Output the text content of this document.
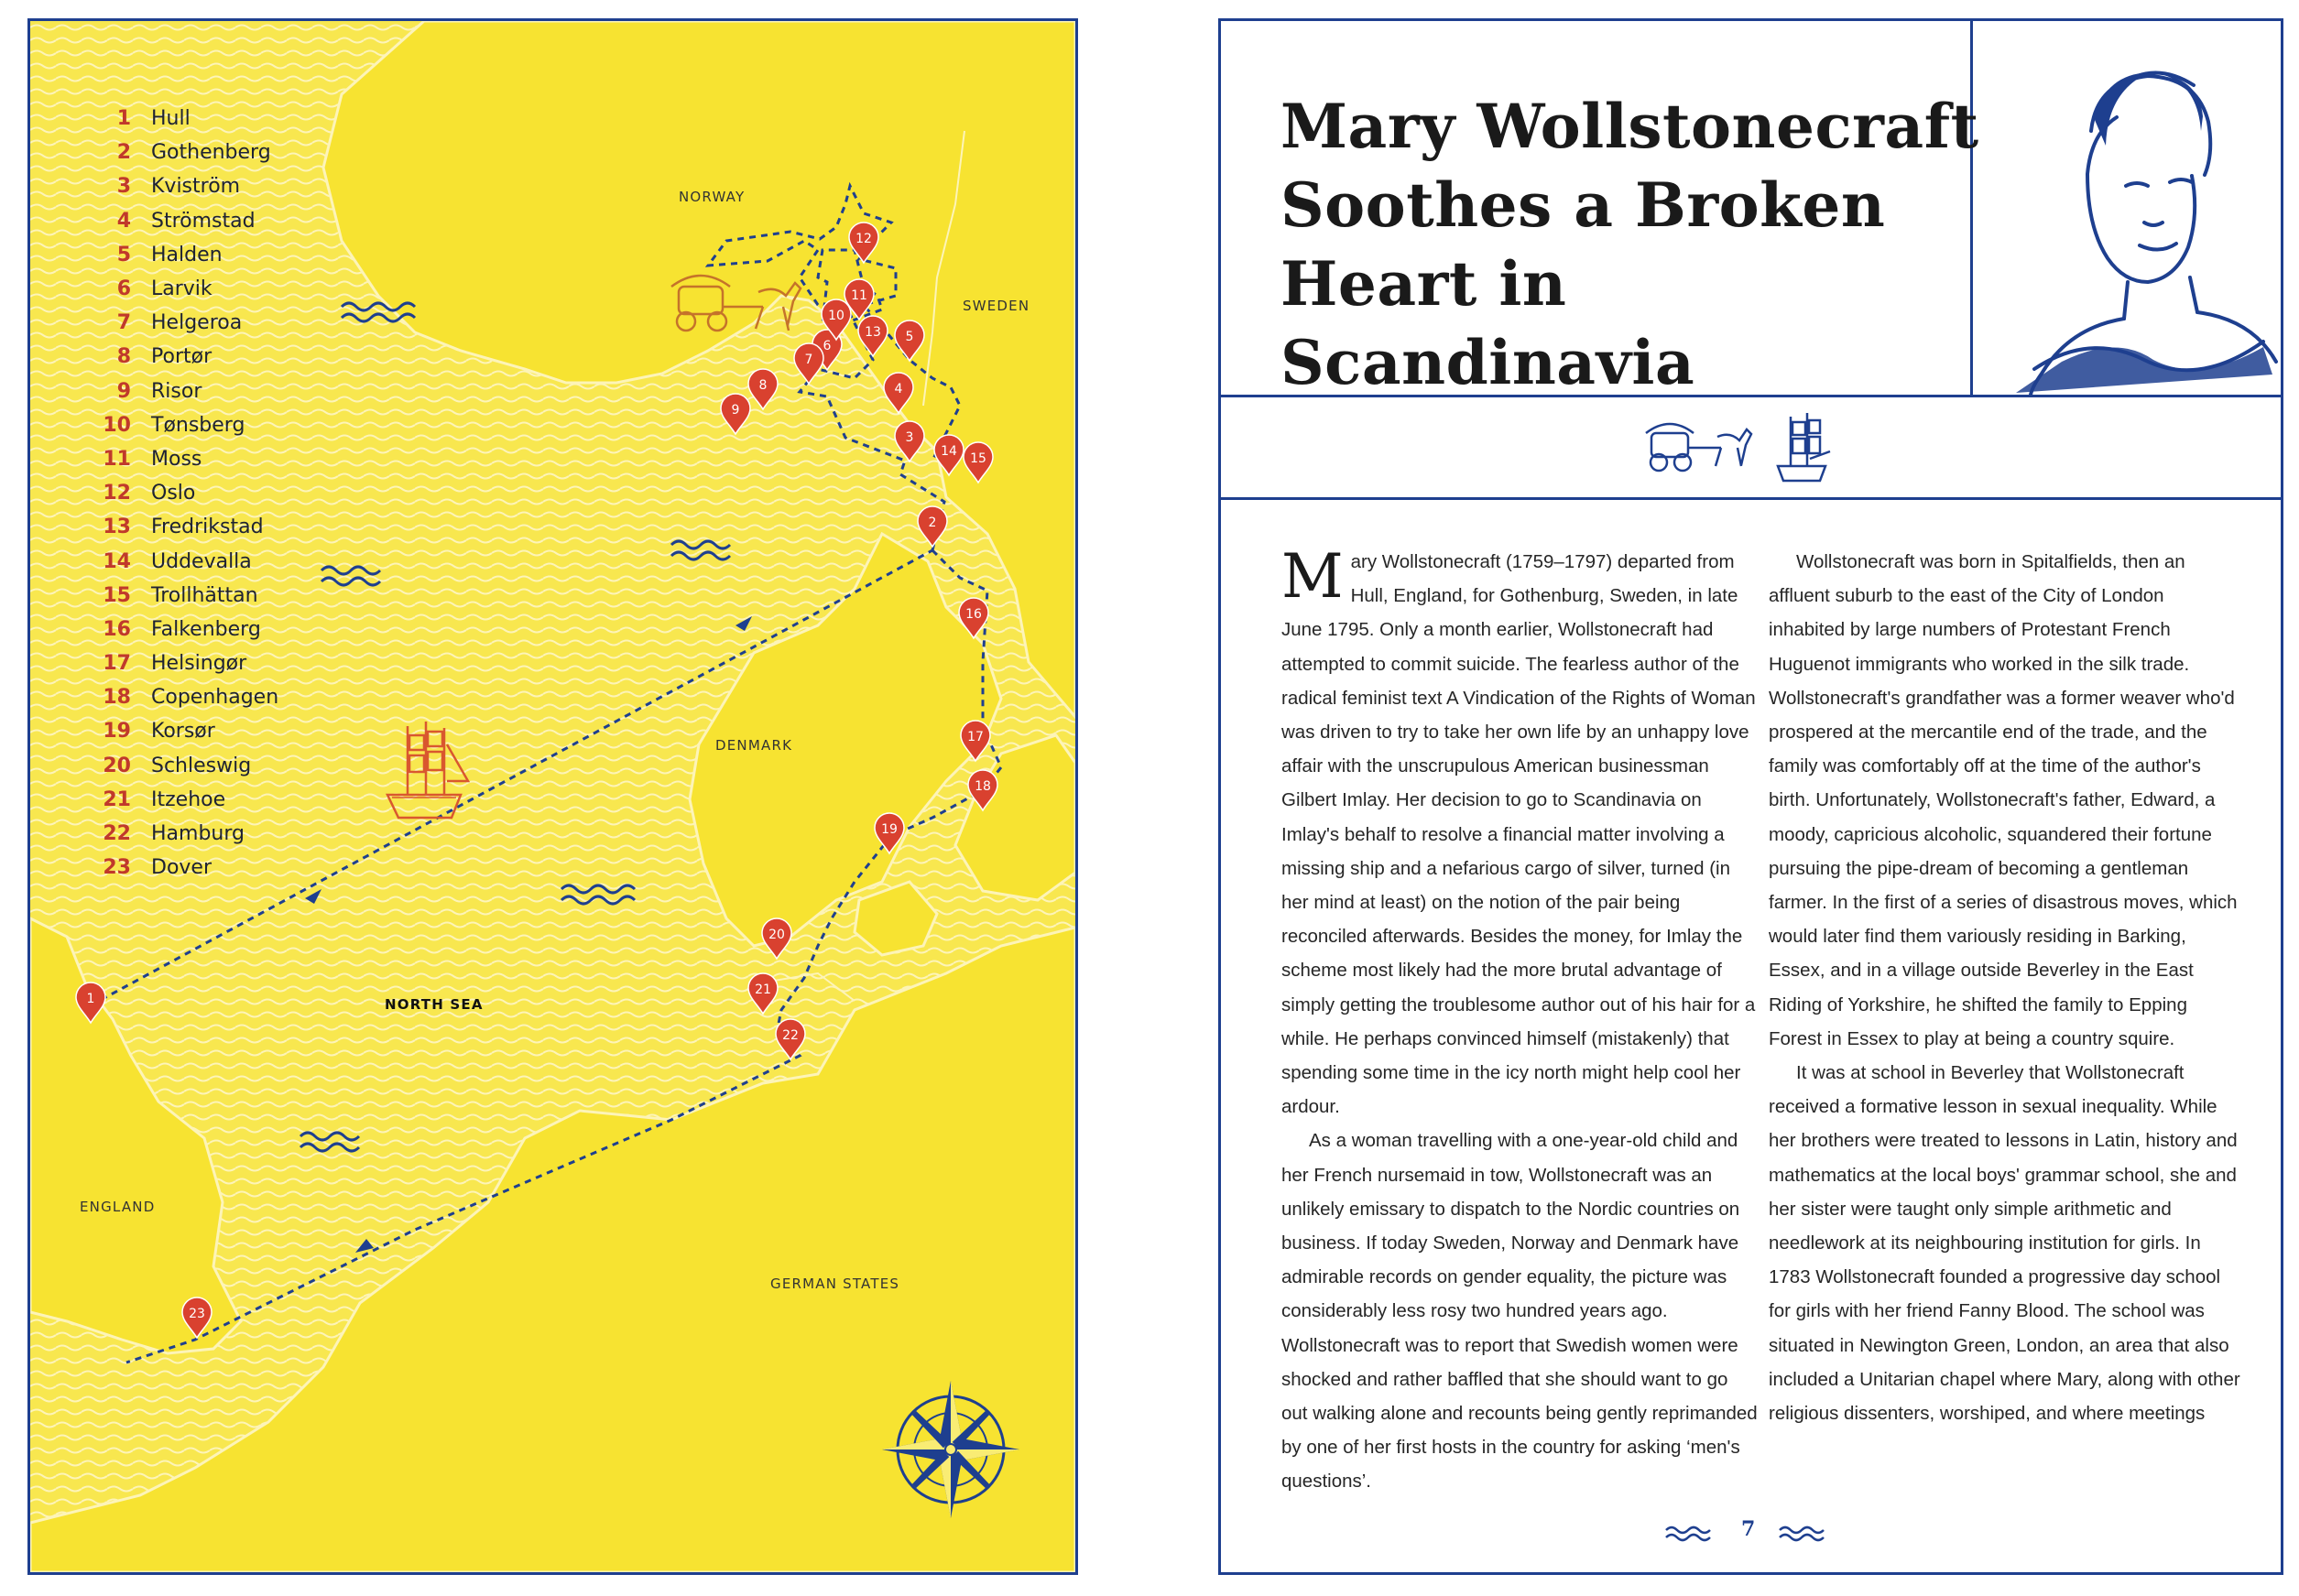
1
2
3
4
5
6
7
8
9
10
11
12
13
14 15
16
17
18
19
20
21
22
23
1	Hull
2	Gothenberg
3	Kviström
4	Strömstad
5	Halden
6	Larvik
7	Helgeroa
8	Portør
9	Risor
10	Tønsberg
11	Moss
12	Oslo
13	Fredrikstad
14	Uddevalla
15	Trollhättan
16	Falkenberg
17	Helsingør
18	Copenhagen
19	Korsør
20	Schleswig
21	Itzehoe
22	Hamburg
23	Dover
NORWAY
SWEDEN
DENMARK
NORTH SEA
ENGLAND
GERMAN STATES
Mary Wollstonecraft
Soothes a Broken
Heart in Scandinavia

Mary Wollstonecraft (1759–1797) departed from Hull, England, for Gothenburg, Sweden, in late June 1795. Only a month earlier, Wollstonecraft had attempted to commit suicide. The fearless author of the radical feminist text A Vindication of the Rights of Woman was driven to try to take her own life by an unhappy love affair with the unscrupulous American businessman Gilbert Imlay. Her decision to go to Scandinavia on Imlay's behalf to resolve a financial matter involving a missing ship and a nefarious cargo of silver, turned (in her mind at least) on the notion of the pair being reconciled afterwards. Besides the money, for Imlay the scheme most likely had the more brutal advantage of simply getting the troublesome author out of his hair for a while. He perhaps convinced himself (mistakenly) that spending some time in the icy north might help cool her ardour.

As a woman travelling with a one-year-old child and her French nursemaid in tow, Wollstonecraft was an unlikely emissary to dispatch to the Nordic countries on business. If today Sweden, Norway and Denmark have admirable records on gender equality, the picture was considerably less rosy two hundred years ago. Wollstonecraft was to report that Swedish women were shocked and rather baffled that she should want to go out walking alone and recounts being gently reprimanded by one of her first hosts in the country for asking ‘men's questions’.

Wollstonecraft was born in Spitalfields, then an affluent suburb to the east of the City of London inhabited by large numbers of Protestant French Huguenot immigrants who worked in the silk trade. Wollstonecraft's grandfather was a former weaver who'd prospered at the mercantile end of the trade, and the family was comfortably off at the time of the author's birth. Unfortunately, Wollstonecraft's father, Edward, a moody, capricious alcoholic, squandered their fortune pursuing the pipe-dream of becoming a gentleman farmer. In the first of a series of disastrous moves, which would later find them variously residing in Barking, Essex, and in a village outside Beverley in the East Riding of Yorkshire, he shifted the family to Epping Forest in Essex to play at being a country squire.

It was at school in Beverley that Wollstonecraft received a formative lesson in sexual inequality. While her brothers were treated to lessons in Latin, history and mathematics at the local boys' grammar school, she and her sister were taught only simple arithmetic and needlework at its neighbouring institution for girls. In 1783 Wollstonecraft founded a progressive day school for girls with her friend Fanny Blood. The school was situated in Newington Green, London, an area that also included a Unitarian chapel where Mary, along with other religious dissenters, worshiped, and where meetings

7
